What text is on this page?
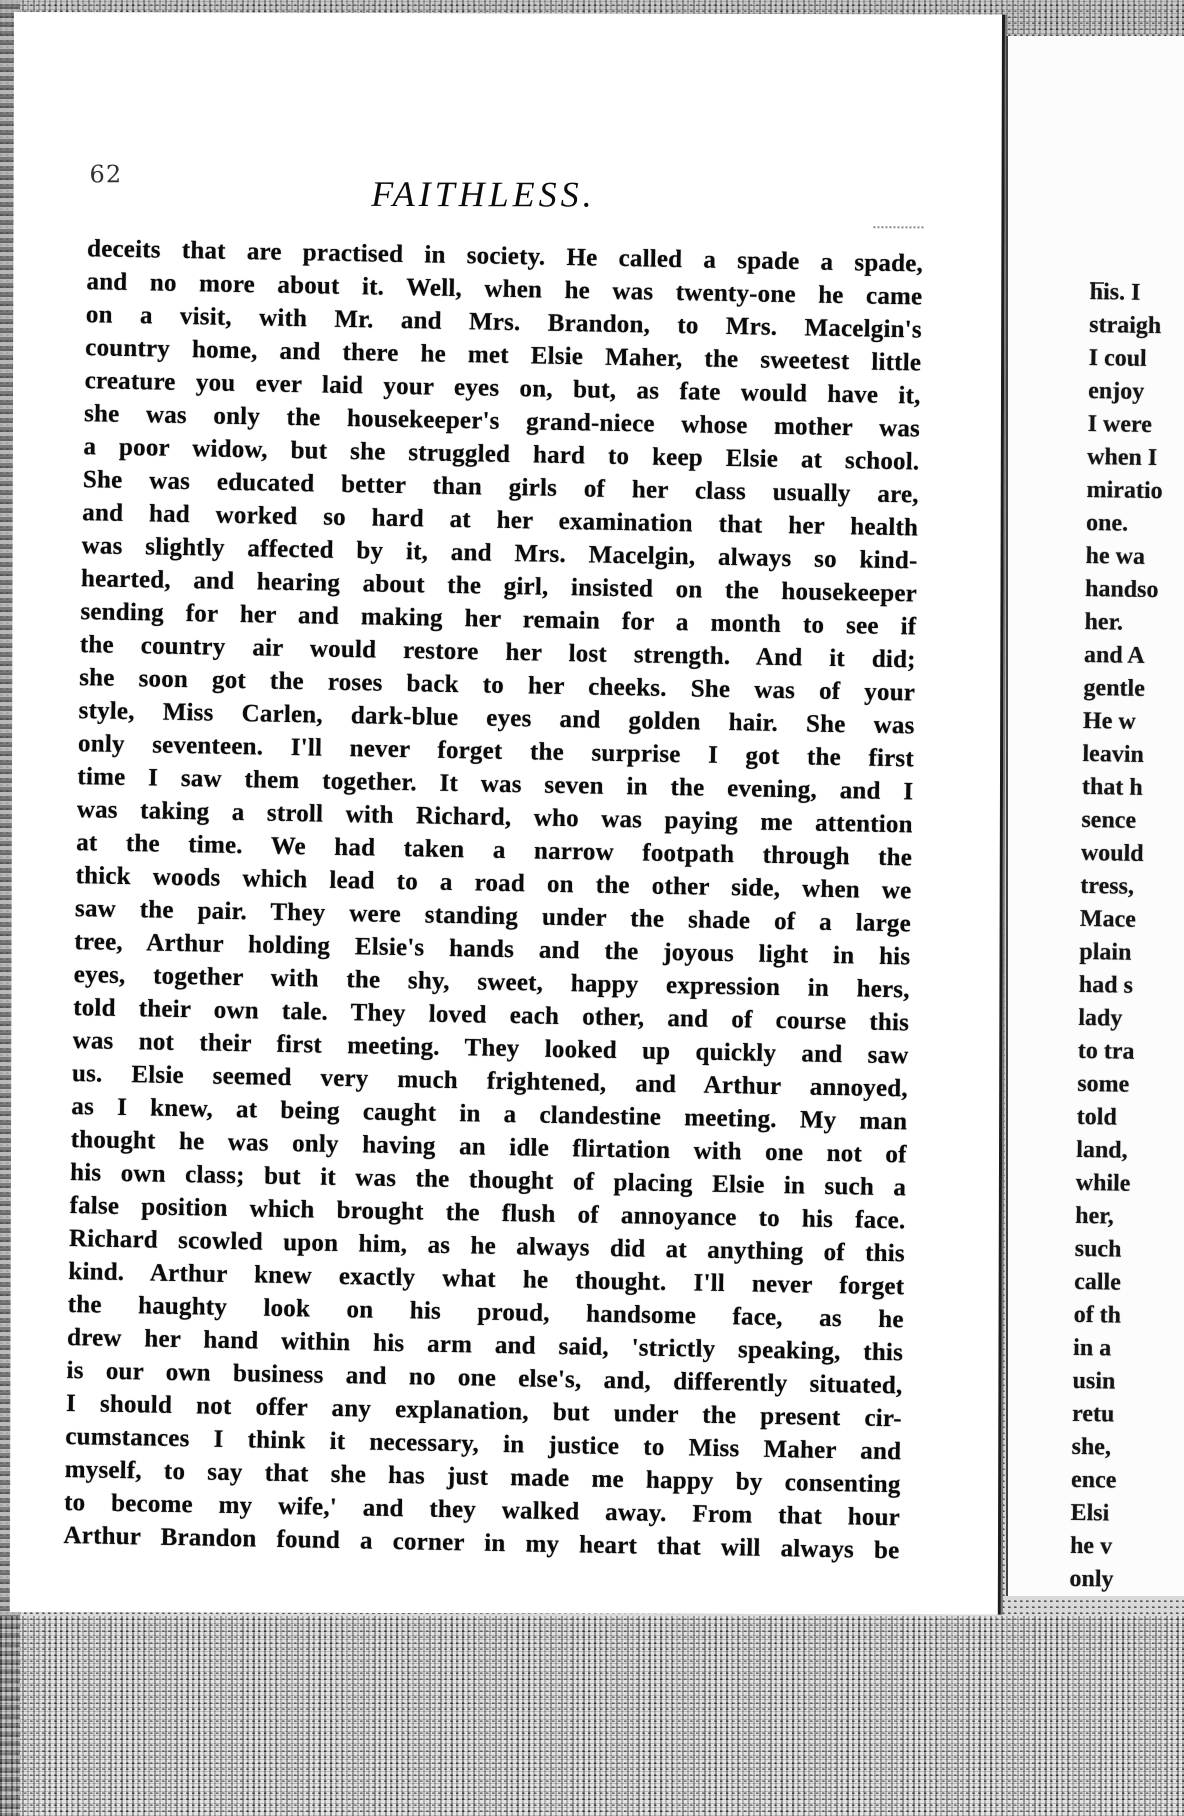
62	FAITHLESS.
deceits that are practised in society. He called a spade a spade,
and no more about it. Well, when he was twenty-one he came
on a visit, with Mr. and Mrs. Brandon, to Mrs. Macelgin's
country home, and there he met Elsie Maher, the sweetest little
creature you ever laid your eyes on, but, as fate would have it,
she was only the housekeeper's grand-niece whose mother was
a poor widow, but she struggled hard to keep Elsie at school.
She was educated better than girls of her class usually are,
and had worked so hard at her examination that her health
was slightly affected by it, and Mrs. Macelgin, always so kind-
hearted, and hearing about the girl, insisted on the housekeeper
sending for her and making her remain for a month to see if
the country air would restore her lost strength. And it did;
she soon got the roses back to her cheeks. She was of your
style, Miss Carlen, dark-blue eyes and golden hair. She was
only seventeen. I'll never forget the surprise I got the first
time I saw them together. It was seven in the evening, and I
was taking a stroll with Richard, who was paying me attention
at the time. We had taken a narrow footpath through the
thick woods which lead to a road on the other side, when we
saw the pair. They were standing under the shade of a large
tree, Arthur holding Elsie's hands and the joyous light in his
eyes, together with the shy, sweet, happy expression in hers,
told their own tale. They loved each other, and of course this
was not their first meeting. They looked up quickly and saw
us. Elsie seemed very much frightened, and Arthur annoyed,
as I knew, at being caught in a clandestine meeting. My man
thought he was only having an idle flirtation with one not of
his own class; but it was the thought of placing Elsie in such a
false position which brought the flush of annoyance to his face.
Richard scowled upon him, as he always did at anything of this
kind. Arthur knew exactly what he thought. I'll never forget
the haughty look on his proud, handsome face, as he
drew her hand within his arm and said, 'strictly speaking, this
is our own business and no one else's, and, differently situated,
I should not offer any explanation, but under the present cir-
cumstances I think it necessary, in justice to Miss Maher and
myself, to say that she has just made me happy by consenting
to become my wife,' and they walked away. From that hour
Arthur Brandon found a corner in my heart that will always be
his. I
straigh
I coul
enjoy
I were
when I
miratio
one.
he wa
handso
her.
and A
gentle
He w
leavin
that h
sence
would
tress,
Mace
plain
had s
lady
to tra
some
told
land,
while
her,
such
calle
of th
in a
usin
retu
she,
ence
Elsi
he v
only
